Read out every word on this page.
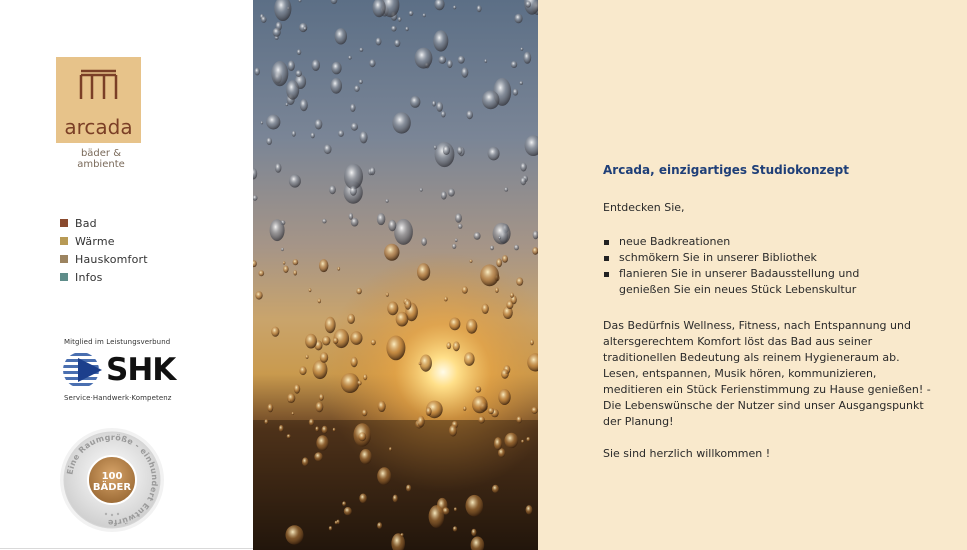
arcada
bäder & ambiente
Bad
Wärme
Hauskomfort
Infos
Mitglied im Leistungsverbund
SHK
Service·Handwerk·Kompetenz
Eine Raumgröße - einhundert Entwürfe
100
BÄDER
Arcada, einzigartiges Studiokonzept
Entdecken Sie,
neue Badkreationen
schmökern Sie in unserer Bibliothek
flanieren Sie in unserer Badausstellung und genießen Sie ein neues Stück Lebenskultur
Das Bedürfnis Wellness, Fitness, nach Entspannung und altersgerechtem Komfort löst das Bad aus seiner traditionellen Bedeutung als reinem Hygieneraum ab. Lesen, entspannen, Musik hören, kommunizieren, meditieren ein Stück Ferienstimmung zu Hause genießen! - Die Lebenswünsche der Nutzer sind unser Ausgangspunkt der Planung!
Sie sind herzlich willkommen !
